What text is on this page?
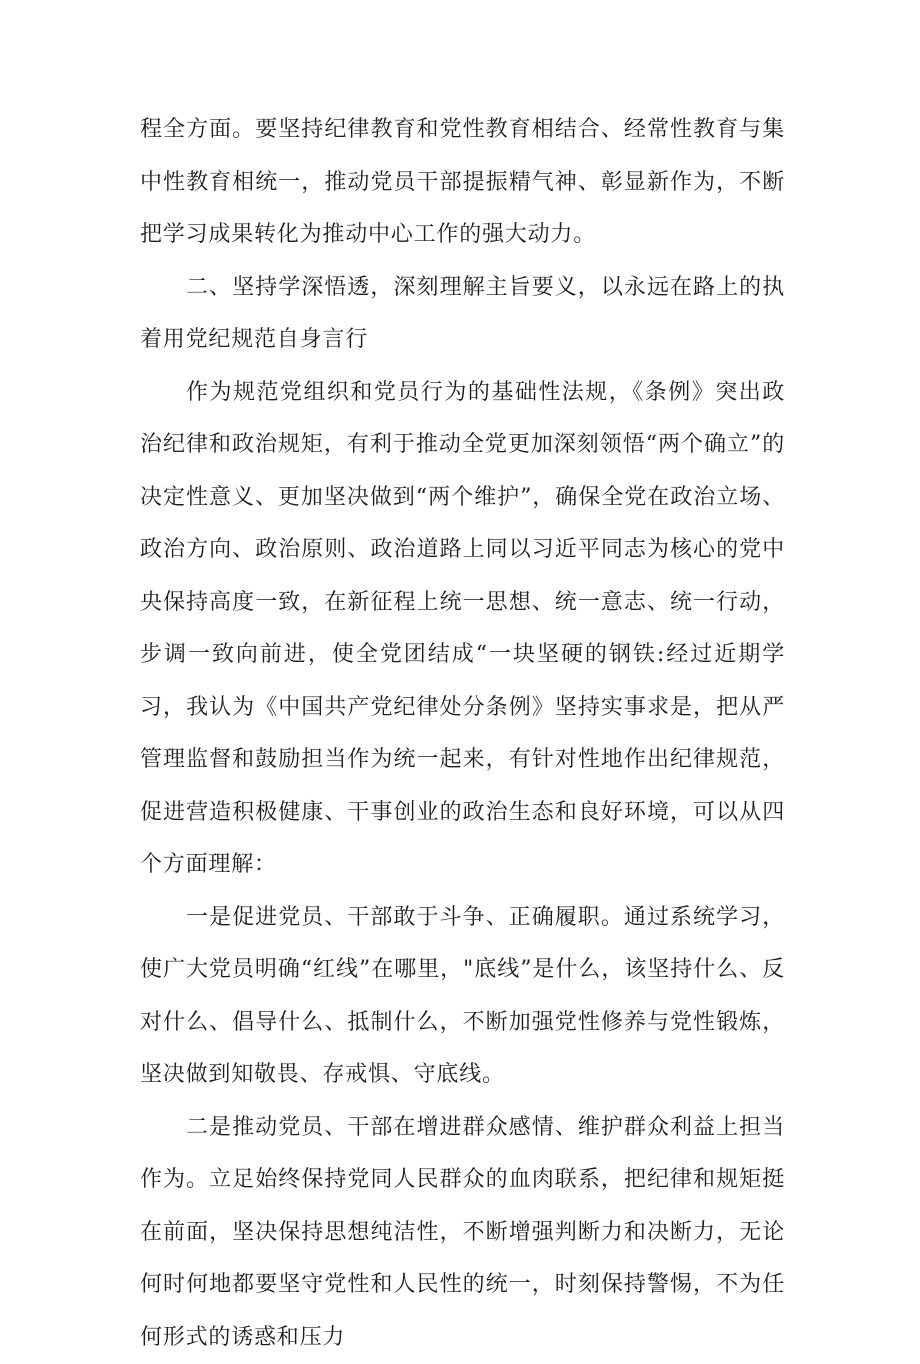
程全方面。要坚持纪律教育和党性教育相结合、经常性教育与集中性教育相统一，推动党员干部提振精气神、彰显新作为，不断把学习成果转化为推动中心工作的强大动力。

二、坚持学深悟透，深刻理解主旨要义，以永远在路上的执着用党纪规范自身言行

作为规范党组织和党员行为的基础性法规，《条例》突出政治纪律和政治规矩，有利于推动全党更加深刻领悟“两个确立”的决定性意义、更加坚决做到“两个维护”，确保全党在政治立场、政治方向、政治原则、政治道路上同以习近平同志为核心的党中央保持高度一致，在新征程上统一思想、统一意志、统一行动，步调一致向前进，使全党团结成“一块坚硬的钢铁:经过近期学习，我认为《中国共产党纪律处分条例》坚持实事求是，把从严管理监督和鼓励担当作为统一起来，有针对性地作出纪律规范，促进营造积极健康、干事创业的政治生态和良好环境，可以从四个方面理解：

一是促进党员、干部敢于斗争、正确履职。通过系统学习，使广大党员明确“红线”在哪里，"底线”是什么，该坚持什么、反对什么、倡导什么、抵制什么，不断加强党性修养与党性锻炼，坚决做到知敬畏、存戒惧、守底线。

二是推动党员、干部在增进群众感情、维护群众利益上担当作为。立足始终保持党同人民群众的血肉联系，把纪律和规矩挺在前面，坚决保持思想纯洁性，不断增强判断力和决断力，无论何时何地都要坚守党性和人民性的统一，时刻保持警惕，不为任何形式的诱惑和压力
